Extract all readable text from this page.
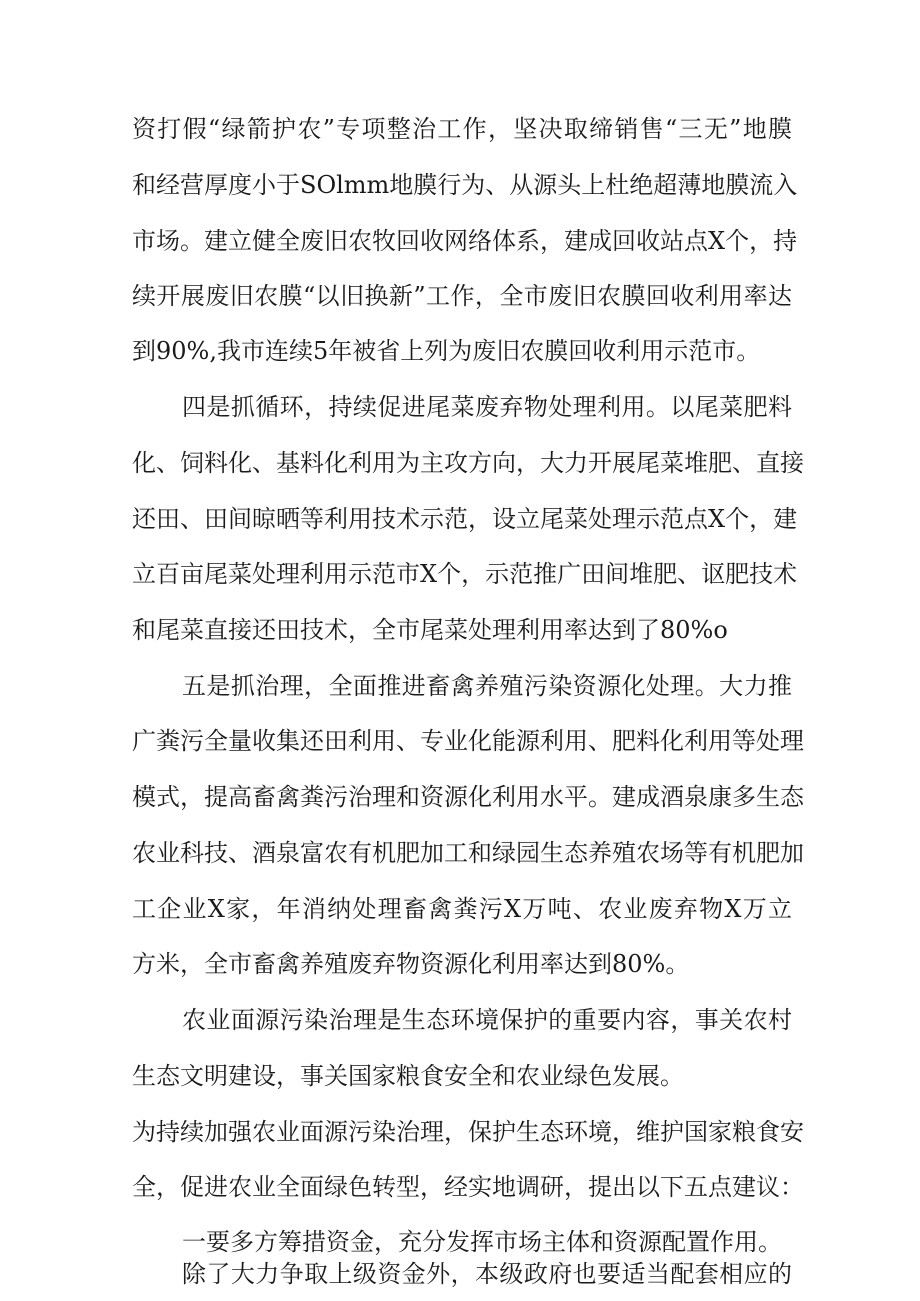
资打假“绿箭护农”专项整治工作，坚决取缔销售“三无”地膜
和经营厚度小于SOlmm地膜行为、从源头上杜绝超薄地膜流入
市场。建立健全废旧农牧回收网络体系，建成回收站点X个，持
续开展废旧农膜“以旧换新”工作，全市废旧农膜回收利用率达
到90%,我市连续5年被省上列为废旧农膜回收利用示范市。
四是抓循环，持续促进尾菜废弃物处理利用。以尾菜肥料
化、饲料化、基料化利用为主攻方向，大力开展尾菜堆肥、直接
还田、田间晾晒等利用技术示范，设立尾菜处理示范点X个，建
立百亩尾菜处理利用示范市X个，示范推广田间堆肥、讴肥技术
和尾菜直接还田技术，全市尾菜处理利用率达到了80%o
五是抓治理，全面推进畜禽养殖污染资源化处理。大力推
广粪污全量收集还田利用、专业化能源利用、肥料化利用等处理
模式，提高畜禽粪污治理和资源化利用水平。建成酒泉康多生态
农业科技、酒泉富农有机肥加工和绿园生态养殖农场等有机肥加
工企业X家，年消纳处理畜禽粪污X万吨、农业废弃物X万立
方米，全市畜禽养殖废弃物资源化利用率达到80%。
农业面源污染治理是生态环境保护的重要内容，事关农村
生态文明建设，事关国家粮食安全和农业绿色发展。
为持续加强农业面源污染治理，保护生态环境，维护国家粮食安
全，促进农业全面绿色转型，经实地调研，提出以下五点建议：
一要多方筹措资金，充分发挥市场主体和资源配置作用。
除了大力争取上级资金外，本级政府也要适当配套相应的
